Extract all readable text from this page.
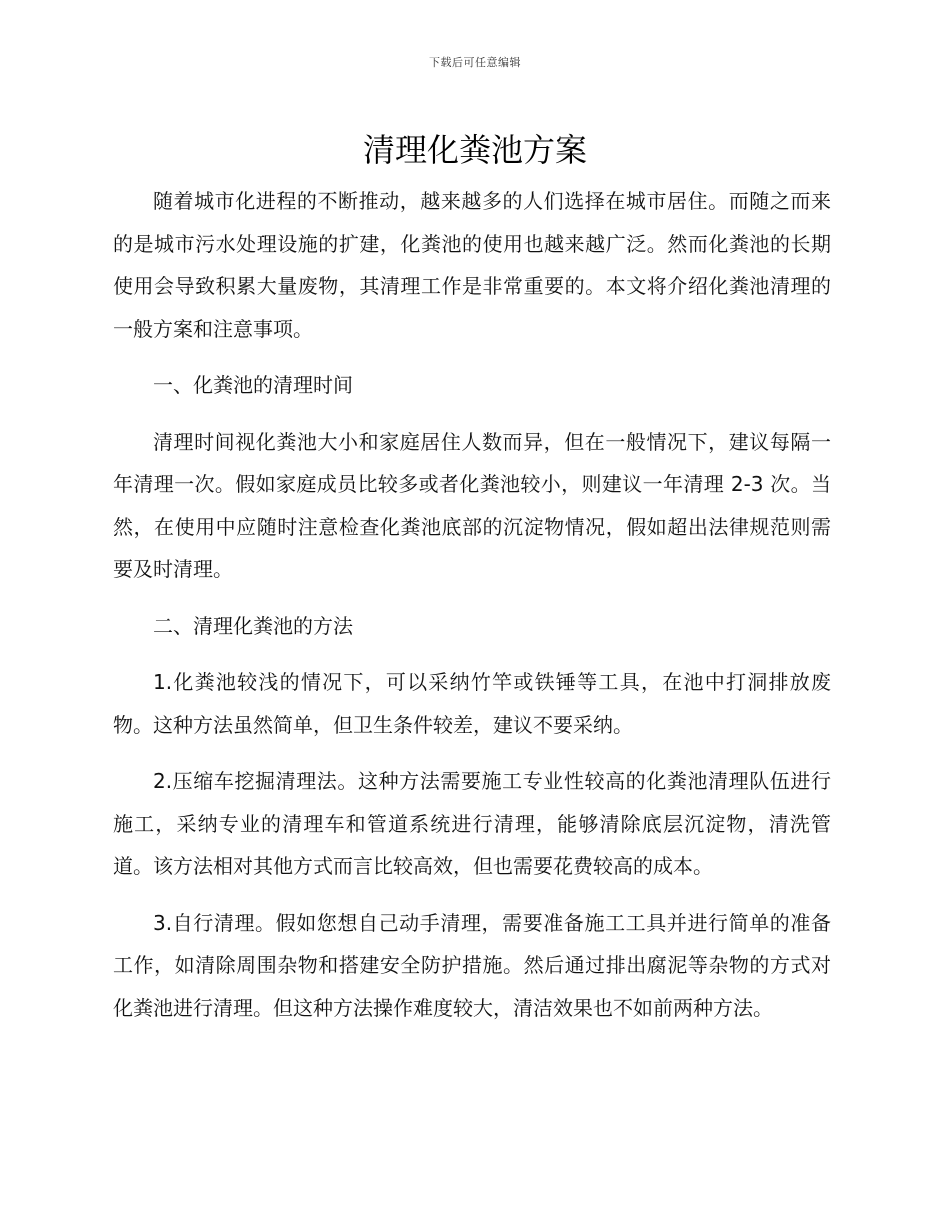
下载后可任意编辑
清理化粪池方案

随着城市化进程的不断推动，越来越多的人们选择在城市居住。而随之而来的是城市污水处理设施的扩建，化粪池的使用也越来越广泛。然而化粪池的长期使用会导致积累大量废物，其清理工作是非常重要的。本文将介绍化粪池清理的一般方案和注意事项。

一、化粪池的清理时间

清理时间视化粪池大小和家庭居住人数而异，但在一般情况下，建议每隔一年清理一次。假如家庭成员比较多或者化粪池较小，则建议一年清理 2-3 次。当然，在使用中应随时注意检查化粪池底部的沉淀物情况，假如超出法律规范则需要及时清理。

二、清理化粪池的方法

1.化粪池较浅的情况下，可以采纳竹竿或铁锤等工具，在池中打洞排放废物。这种方法虽然简单，但卫生条件较差，建议不要采纳。

2.压缩车挖掘清理法。这种方法需要施工专业性较高的化粪池清理队伍进行施工，采纳专业的清理车和管道系统进行清理，能够清除底层沉淀物，清洗管道。该方法相对其他方式而言比较高效，但也需要花费较高的成本。

3.自行清理。假如您想自己动手清理，需要准备施工工具并进行简单的准备工作，如清除周围杂物和搭建安全防护措施。然后通过排出腐泥等杂物的方式对化粪池进行清理。但这种方法操作难度较大，清洁效果也不如前两种方法。
